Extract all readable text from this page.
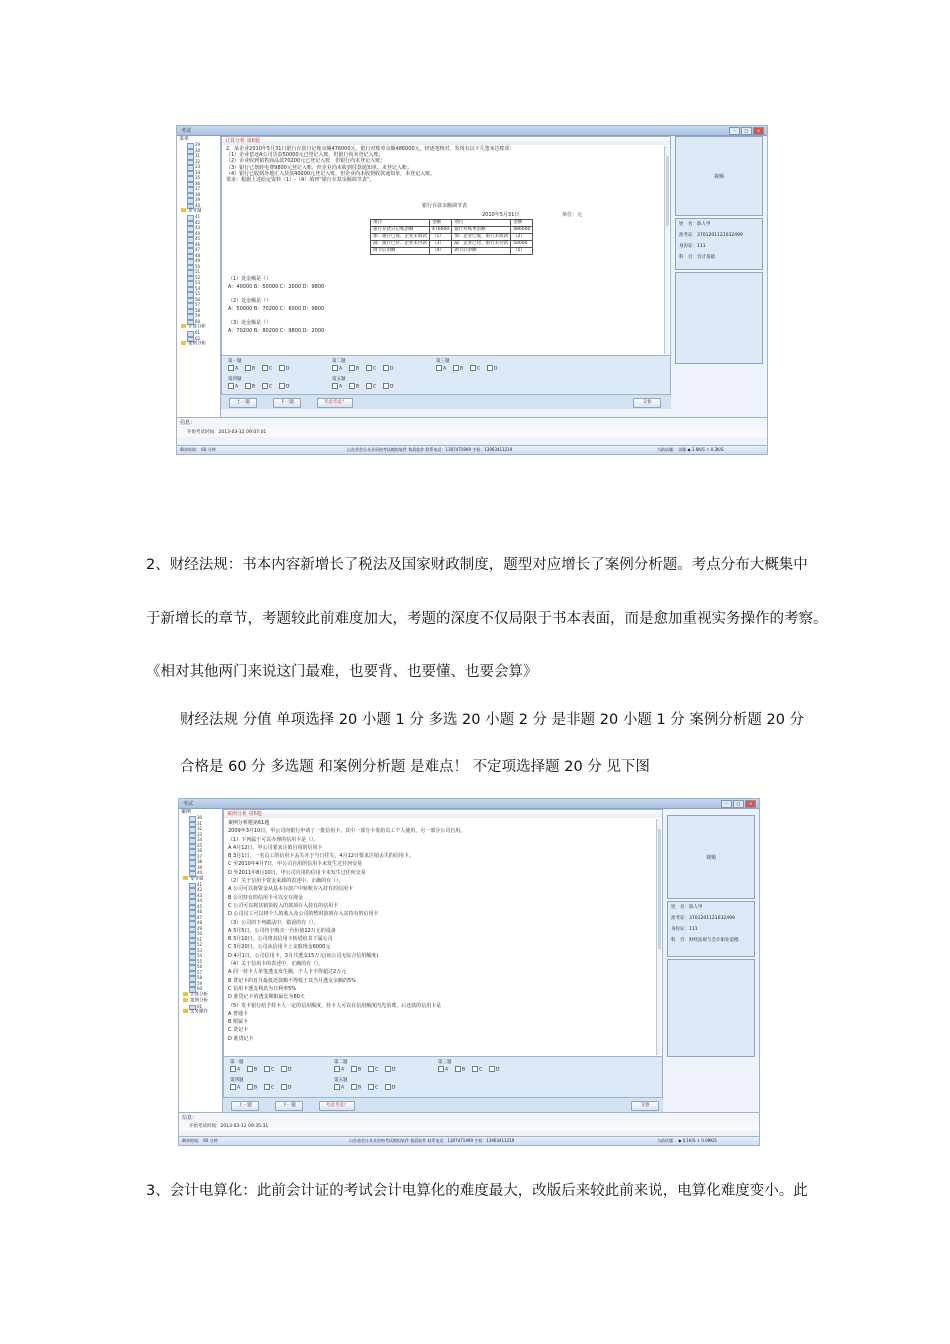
考试	–	□	×
菜单
29
30
31
32
33
34
35
36
37
38
39
40
是非题
41
42
43
44
45
46
47
48
49
50
51
52
53
54
55
56
57
58
59
60
计算分析
61
62
案例分析
计算分析 第6题
2、某企业2010年5月31日银行存款日记账余额476000元，银行对账单余额486000元，经逐笔核对，发现有以下几笔未达账项：
（1）企业偿还A公司货款50000元已登记入账，但银行尚未登记入账；
（2）企业收到销售商品款70200元已登记入账，但银行尚未登记入账；
（3）银行已划转电费9800元登记入账，但企业尚未收到付款通知单，未登记入账；
（4）银行已收到外地汇入货款40000元登记入账，但企业尚未收到收款通知单，未登记入账。
要求：根据上述给定资料（1）-（4）填列“银行存款余额调节表”。
银行存款余额调节表
2010年5月31日	单位：元
项目	金额	项目	金额
银行存款日记账余额	476000	银行对账单余额	486000
加：银行已收、企业未收款	（1）	加：企业已收、银行未收款	（2）
减：银行已付、企业未付款	（3）	减：企业已付、银行未付款	50000
调节后余额	（4）	调节后余额	（5）
（1）处金额是（）
A：40000 B：50000 C：2000 D：9800
（2）处金额是（）
A：50000 B：70200 C：6000 D：9800
（3）处金额是（）
A：70200 B：80200 C：9800 D：2000
第一题
A	B	C	D
第二题
A	B	C	D
第三题
A	B	C	D
第四题
A	B	C	D
第五题
A	B	C	D
上一题	下一题	考虑考虑？	交卷
视频
姓　名：陈人甲
准考证：3701201121032499
身份证：111
科　目：会计基础
信息：
开始考试时间：2013-03-12 09:07:01
剩余时间： 60 分钟	山东省会计从业资格考试模拟软件 鲁晨软件 联系电话：1307471999 手机：13963411219	当前试题： 试题 ◆ 1.6K/S ⇧ 0.3K/S
2、财经法规：书本内容新增长了税法及国家财政制度，题型对应增长了案例分析题。考点分布大概集中
于新增长的章节，考题较此前难度加大，考题的深度不仅局限于书本表面，而是愈加重视实务操作的考察。
《相对其他两门来说这门最难，也要背、也要懂、也要会算》
财经法规 分值 单项选择 20 小题 1 分 多选 20 小题 2 分 是非题 20 小题 1 分 案例分析题 20 分
合格是 60 分 多选题 和案例分析题 是难点！ 不定项选择题 20 分 见下图
考试	–	□	×
案例
30
31
32
33
34
35
36
37
38
39
40
是非题
41
42
43
44
45
46
47
48
49
50
51
52
53
54
55
56
57
58
59
60
计算分析
案例分析
01
实务操作
案例分析 第6题
案例分析题第61题
2009年3月10日，甲公司向银行申请了一批信用卡，其中一部分卡发给员工个人使用，另一部分公司自用。
（1）下列属于可以办理的信用卡是（）。
A 4月12日，甲公司要求注销自用的信用卡
B 3月1日，一名员工的信用卡丢失并于当日挂失，4月12日要求注销丢失的信用卡。
C 至2010年4月7日，甲公司自用的信用卡未发生过任何交易
D 至2011年8月10日，甲公司自用的信用卡未发生过任何交易
（2）关于信用卡资金来源的表述中，正确的有（）。
A 公司可以将资金从基本存款户中转账存入持有的信用卡
B 公司持有的信用卡可以交存现金
C 公司可以将其销货收入的款项存入持有的信用卡
D 公司员工可以将个人的收入及公司的暂时款项存入其持有的信用卡
（3）公司的下列做法中，错误的有（）。
A 3月5日，公司持卡购买一台价值12万元的设备
B 3月10日，公司将其信用卡转借给其下属公司
C 3月20日，公司从信用卡上支取现金6000元
D 4月1日，公司信用卡，3月共透支15万元(该公司无综合信用额度)
（4）关于信用卡的表述中，正确的有（）。
A 同一持卡人单笔透支发生额，个人卡不得超过2万元
B 贷记卡的首月最低还款额不得低于其当月透支余额的5%
C 信用卡透支利息为日利率5%
D 准贷记卡的透支期限最长为60天
（5）发卡银行给予持卡人一定的信用额度，持卡人可以在信用额度内先消费、后还款的信用卡是
A 普通卡
B 附属卡
C 贷记卡
D 准贷记卡
第一题
A	B	C	D
第二题
A	B	C	D
第三题
A	B	C	D
第四题
A	B	C	D
第五题
A	B	C	D
上一题	下一题	考虑考虑？	交卷
视频
姓　名：陈人甲
准考证：3701201121032499
身份证：111
科　目：财经法规与会计职业道德
信息：
开始考试时间：2013-03-12 09:35:31
剩余时间： 60 分钟	山东省会计从业资格考试模拟软件 鲁晨软件 联系电话：1307471999 手机：13963411219	当前试题： ◆ 0.1K/S ⇧ 0.09K/S
3、会计电算化：此前会计证的考试会计电算化的难度最大，改版后来较此前来说，电算化难度变小。此
